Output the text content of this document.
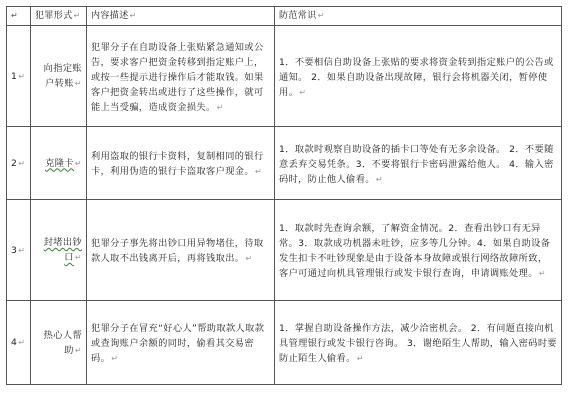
↵	犯罪形式↵	内容描述↵	防范常识↵
1↵	向指定账户转账↵	犯罪分子在自助设备上张贴紧急通知或公告，要求客户把资金转移到指定账户上，或按一些提示进行操作后才能取钱。如果客户把资金转出或进行了这些操作，就可能上当受骗，造成资金损失。↵	1．不要相信自助设备上张贴的要求将资金转到指定账户的公告或通知。 2．如果自助设备出现故障，银行会将机器关闭，暂停使用。↵

2↵	克隆卡↵	利用盗取的银行卡资料，复制相同的银行卡，利用伪造的银行卡盗取客户现金。↵	1．取款时观察自助设备的插卡口等处有无多余设备。 2．不要随意丢弃交易凭条。3．不要将银行卡密码泄露给他人。 4．输入密码时，防止他人偷看。↵

3↵	封堵出钞口↵	犯罪分子事先将出钞口用异物堵住，待取款人取不出钱离开后，再将钱取出。↵	1．取款时先查询余额，了解资金情况。2．查看出钞口有无异常。3．取款成功机器未吐钞，应多等几分钟。4．如果自助设备发生扣卡不吐钞现象是由于设备本身故障或银行网络故障所致，客户可通过向机具管理银行或发卡银行查询，申请调账处理。↵

4↵	热心人帮助↵	犯罪分子在冒充“好心人”帮助取款人取款或查询账户余额的同时，偷看其交易密码。↵	1．掌握自助设备操作方法，减少洽密机会。 2．有问题直接向机具管理银行或发卡银行咨询。 3．谢绝陌生人帮助，输入密码时要防止陌生人偷看。↵
